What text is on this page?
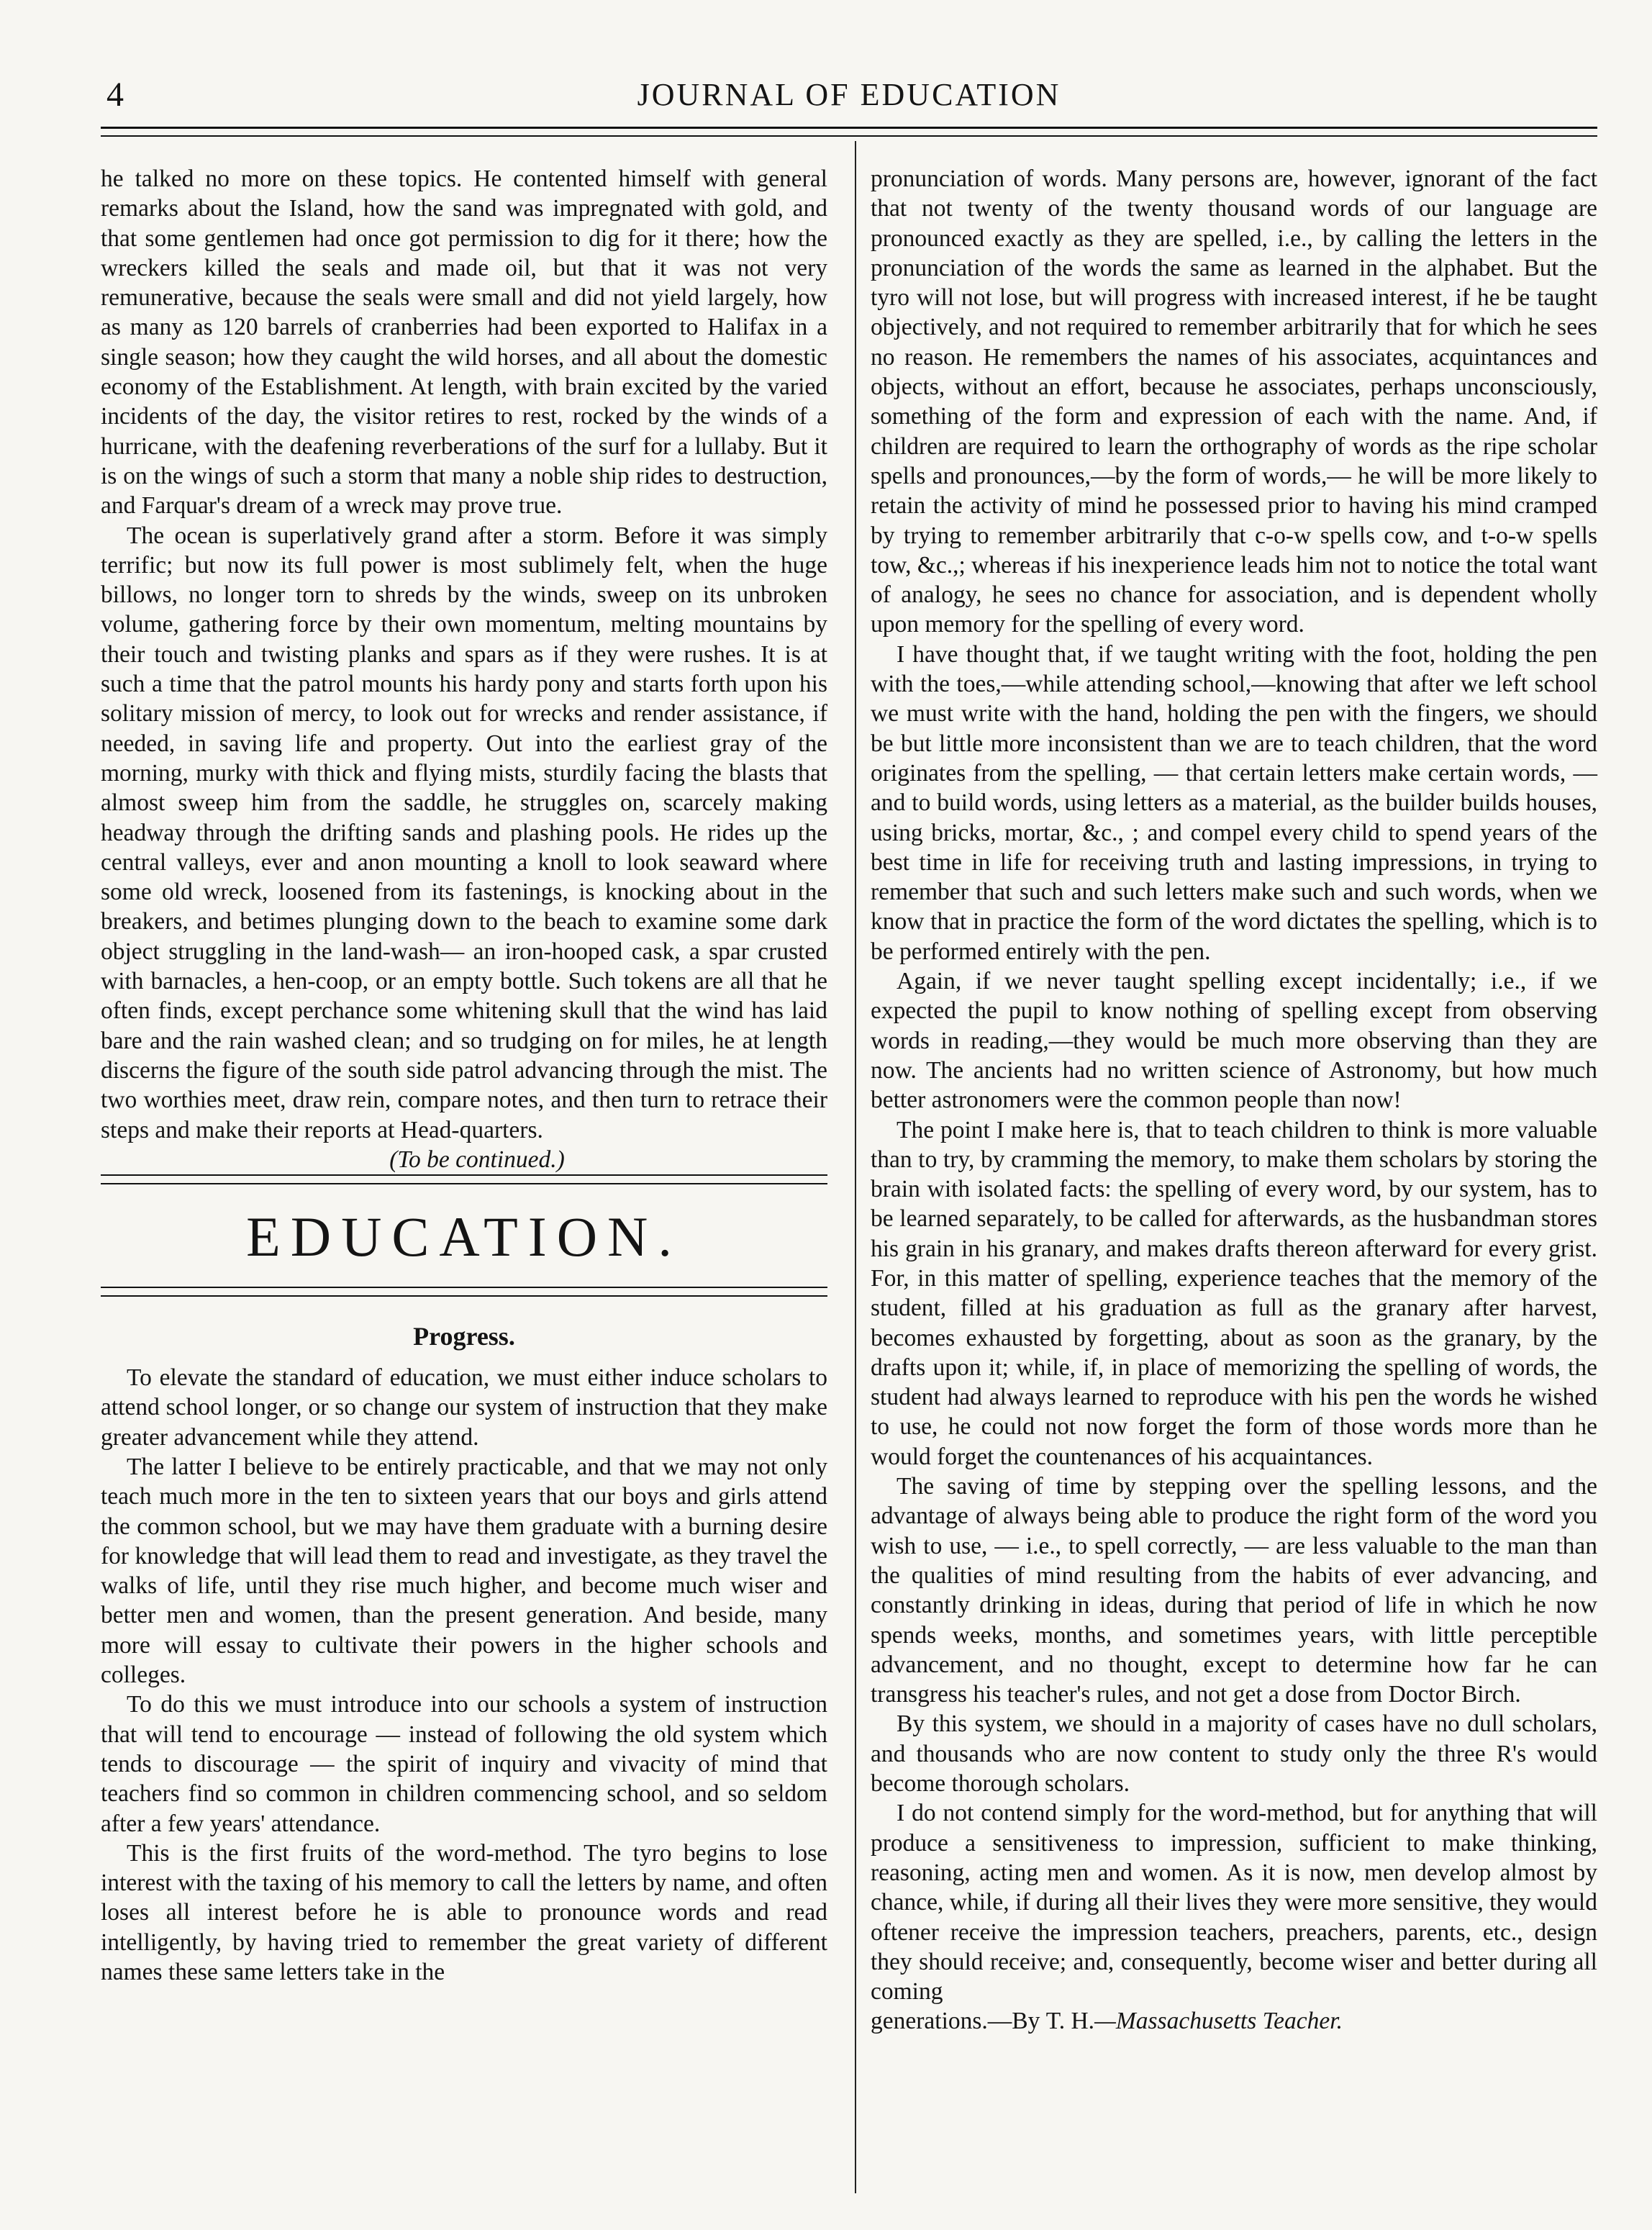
4	JOURNAL OF EDUCATION

he talked no more on these topics. He contented himself with general remarks about the Island, how the sand was impregnated with gold, and that some gentlemen had once got permission to dig for it there; how the wreckers killed the seals and made oil, but that it was not very remunerative, because the seals were small and did not yield largely, how as many as 120 barrels of cranberries had been exported to Halifax in a single season; how they caught the wild horses, and all about the domestic economy of the Establishment. At length, with brain excited by the varied incidents of the day, the visitor retires to rest, rocked by the winds of a hurricane, with the deafening reverberations of the surf for a lullaby. But it is on the wings of such a storm that many a noble ship rides to destruction, and Farquar's dream of a wreck may prove true.

The ocean is superlatively grand after a storm. Before it was simply terrific; but now its full power is most sublimely felt, when the huge billows, no longer torn to shreds by the winds, sweep on its unbroken volume, gathering force by their own momentum, melting mountains by their touch and twisting planks and spars as if they were rushes. It is at such a time that the patrol mounts his hardy pony and starts forth upon his solitary mission of mercy, to look out for wrecks and render assistance, if needed, in saving life and property. Out into the earliest gray of the morning, murky with thick and flying mists, sturdily facing the blasts that almost sweep him from the saddle, he struggles on, scarcely making headway through the drifting sands and plashing pools. He rides up the central valleys, ever and anon mounting a knoll to look seaward where some old wreck, loosened from its fastenings, is knocking about in the breakers, and betimes plunging down to the beach to examine some dark object struggling in the land-wash— an iron-hooped cask, a spar crusted with barnacles, a hen-coop, or an empty bottle. Such tokens are all that he often finds, except perchance some whitening skull that the wind has laid bare and the rain washed clean; and so trudging on for miles, he at length discerns the figure of the south side patrol advancing through the mist. The two worthies meet, draw rein, compare notes, and then turn to retrace their steps and make their reports at Head-quarters.

(To be continued.)

EDUCATION.
Progress.

To elevate the standard of education, we must either induce scholars to attend school longer, or so change our system of instruction that they make greater advancement while they attend.

The latter I believe to be entirely practicable, and that we may not only teach much more in the ten to sixteen years that our boys and girls attend the common school, but we may have them graduate with a burning desire for knowledge that will lead them to read and investigate, as they travel the walks of life, until they rise much higher, and become much wiser and better men and women, than the present generation. And beside, many more will essay to cultivate their powers in the higher schools and colleges.

To do this we must introduce into our schools a system of instruction that will tend to encourage — instead of following the old system which tends to discourage — the spirit of inquiry and vivacity of mind that teachers find so common in children commencing school, and so seldom after a few years' attendance.

This is the first fruits of the word-method. The tyro begins to lose interest with the taxing of his memory to call the letters by name, and often loses all interest before he is able to pronounce words and read intelligently, by having tried to remember the great variety of different names these same letters take in the

pronunciation of words. Many persons are, however, ignorant of the fact that not twenty of the twenty thousand words of our language are pronounced exactly as they are spelled, i.e., by calling the letters in the pronunciation of the words the same as learned in the alphabet. But the tyro will not lose, but will progress with increased interest, if he be taught objectively, and not required to remember arbitrarily that for which he sees no reason. He remembers the names of his associates, acquintances and objects, without an effort, because he associates, perhaps unconsciously, something of the form and expression of each with the name. And, if children are required to learn the orthography of words as the ripe scholar spells and pronounces,—by the form of words,— he will be more likely to retain the activity of mind he possessed prior to having his mind cramped by trying to remember arbitrarily that c-o-w spells cow, and t-o-w spells tow, &c.,; whereas if his inexperience leads him not to notice the total want of analogy, he sees no chance for association, and is dependent wholly upon memory for the spelling of every word.

I have thought that, if we taught writing with the foot, holding the pen with the toes,—while attending school,—knowing that after we left school we must write with the hand, holding the pen with the fingers, we should be but little more inconsistent than we are to teach children, that the word originates from the spelling, — that certain letters make certain words, — and to build words, using letters as a material, as the builder builds houses, using bricks, mortar, &c., ; and compel every child to spend years of the best time in life for receiving truth and lasting impressions, in trying to remember that such and such letters make such and such words, when we know that in practice the form of the word dictates the spelling, which is to be performed entirely with the pen.

Again, if we never taught spelling except incidentally; i.e., if we expected the pupil to know nothing of spelling except from observing words in reading,—they would be much more observing than they are now. The ancients had no written science of Astronomy, but how much better astronomers were the common people than now!

The point I make here is, that to teach children to think is more valuable than to try, by cramming the memory, to make them scholars by storing the brain with isolated facts: the spelling of every word, by our system, has to be learned separately, to be called for afterwards, as the husbandman stores his grain in his granary, and makes drafts thereon afterward for every grist. For, in this matter of spelling, experience teaches that the memory of the student, filled at his graduation as full as the granary after harvest, becomes exhausted by forgetting, about as soon as the granary, by the drafts upon it; while, if, in place of memorizing the spelling of words, the student had always learned to reproduce with his pen the words he wished to use, he could not now forget the form of those words more than he would forget the countenances of his acquaintances.

The saving of time by stepping over the spelling lessons, and the advantage of always being able to produce the right form of the word you wish to use, — i.e., to spell correctly, — are less valuable to the man than the qualities of mind resulting from the habits of ever advancing, and constantly drinking in ideas, during that period of life in which he now spends weeks, months, and sometimes years, with little perceptible advancement, and no thought, except to determine how far he can transgress his teacher's rules, and not get a dose from Doctor Birch.

By this system, we should in a majority of cases have no dull scholars, and thousands who are now content to study only the three R's would become thorough scholars.

I do not contend simply for the word-method, but for anything that will produce a sensitiveness to impression, sufficient to make thinking, reasoning, acting men and women. As it is now, men develop almost by chance, while, if during all their lives they were more sensitive, they would oftener receive the impression teachers, preachers, parents, etc., design they should receive; and, consequently, become wiser and better during all coming

generations.—By T. H.—Massachusetts Teacher.
